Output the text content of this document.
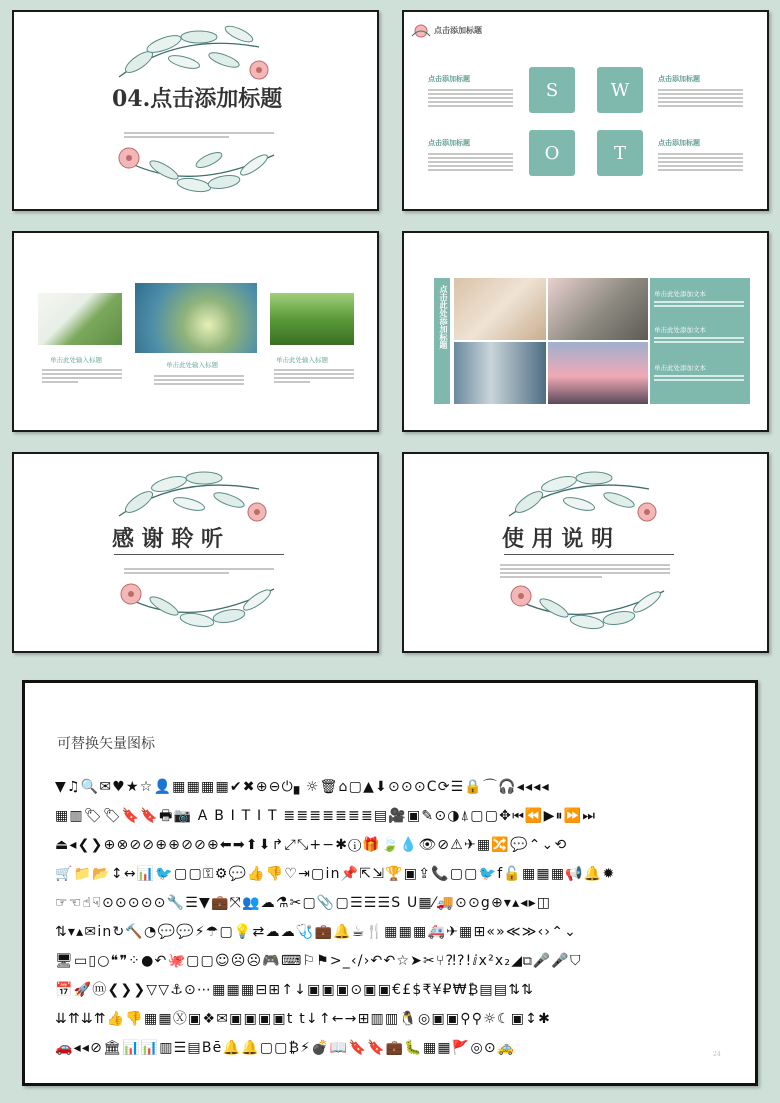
04.点击添加标题
点击添加标题
点击添加标题	点击添加标题
点击添加标题	点击添加标题
S	W
O	T
单击此处输入标题
单击此处输入标题
单击此处输入标题
点击此处添加标题	单击此处添加文本
单击此处添加文本
单击此处添加文本
感 谢 聆 听	使 用 说 明
可替换矢量图标
▼♫🔍✉♥★☆👤▦▦▦▦✔✖⊕⊖⏻▖☼🗑⌂▢▲⬇⊙⊙⊙C⟳☰🔒⌒🎧◂◂◂◂
▦▥🏷🏷🔖🔖🖶📷 A B I T I T ≣≣≣≣≣≣≣▤🎥▣✎⊙◑⍋▢▢✥⏮⏪▶⏸⏩⏭
⏏◂❮❯⊕⊗⊘⊘⊕⊕⊘⊘⊕⬅➡⬆⬇↱⤢⤡+−✱ⓘ🎁🍃💧👁⊘⚠✈▦🔀💬⌃⌄⟲
🛒📁📂↕↔📊🐦▢▢⚿⚙💬👍👎♡⇥▢in📌⇱⇲🏆▣⇪📞▢▢🐦f🔓▦▦▦📢🔔✹
☞☜☝☟⊙⊙⊙⊙⊙🔧☰▼💼⤧👥☁⚗✂▢📎▢☰☰☰S U▦⁄🚚⊙⊙g⊕▾▴◂▸◫
⇅▾▴✉in↻🔨◔💬💬⚡☂▢💡⇄☁☁🩺💼🔔☕🍴▦▦▦🚑✈▦⊞«»≪≫‹›⌃⌄
🖥▭▯○❝❞⁘●↶🐙▢▢☺☹☹🎮⌨⚐⚑>_‹/›↶↶☆➤✂⑂⁈?!ⅈx²x₂◢⧉🎤🎤⛉
📅🚀ⓜ❮❯❯▽▽⚓⊙⋯▦▦▦⊟⊞↑↓▣▣▣⊙▣▣€£$₹¥₽₩₿▤▤⇅⇅
⇊⇈⇊⇈👍👎▦▦Ⓧ▣❖✉▣▣▣▣t t↓↑←→⊞▥▥🐧◎▣▣⚲⚲☼☾▣↕✱
🚗◂◂⊘🏛📊📊▥☰▤Bē🔔🔔▢▢₿⚡💣📖🔖🔖💼🐛▦▦🚩◎⊙🚕	24
